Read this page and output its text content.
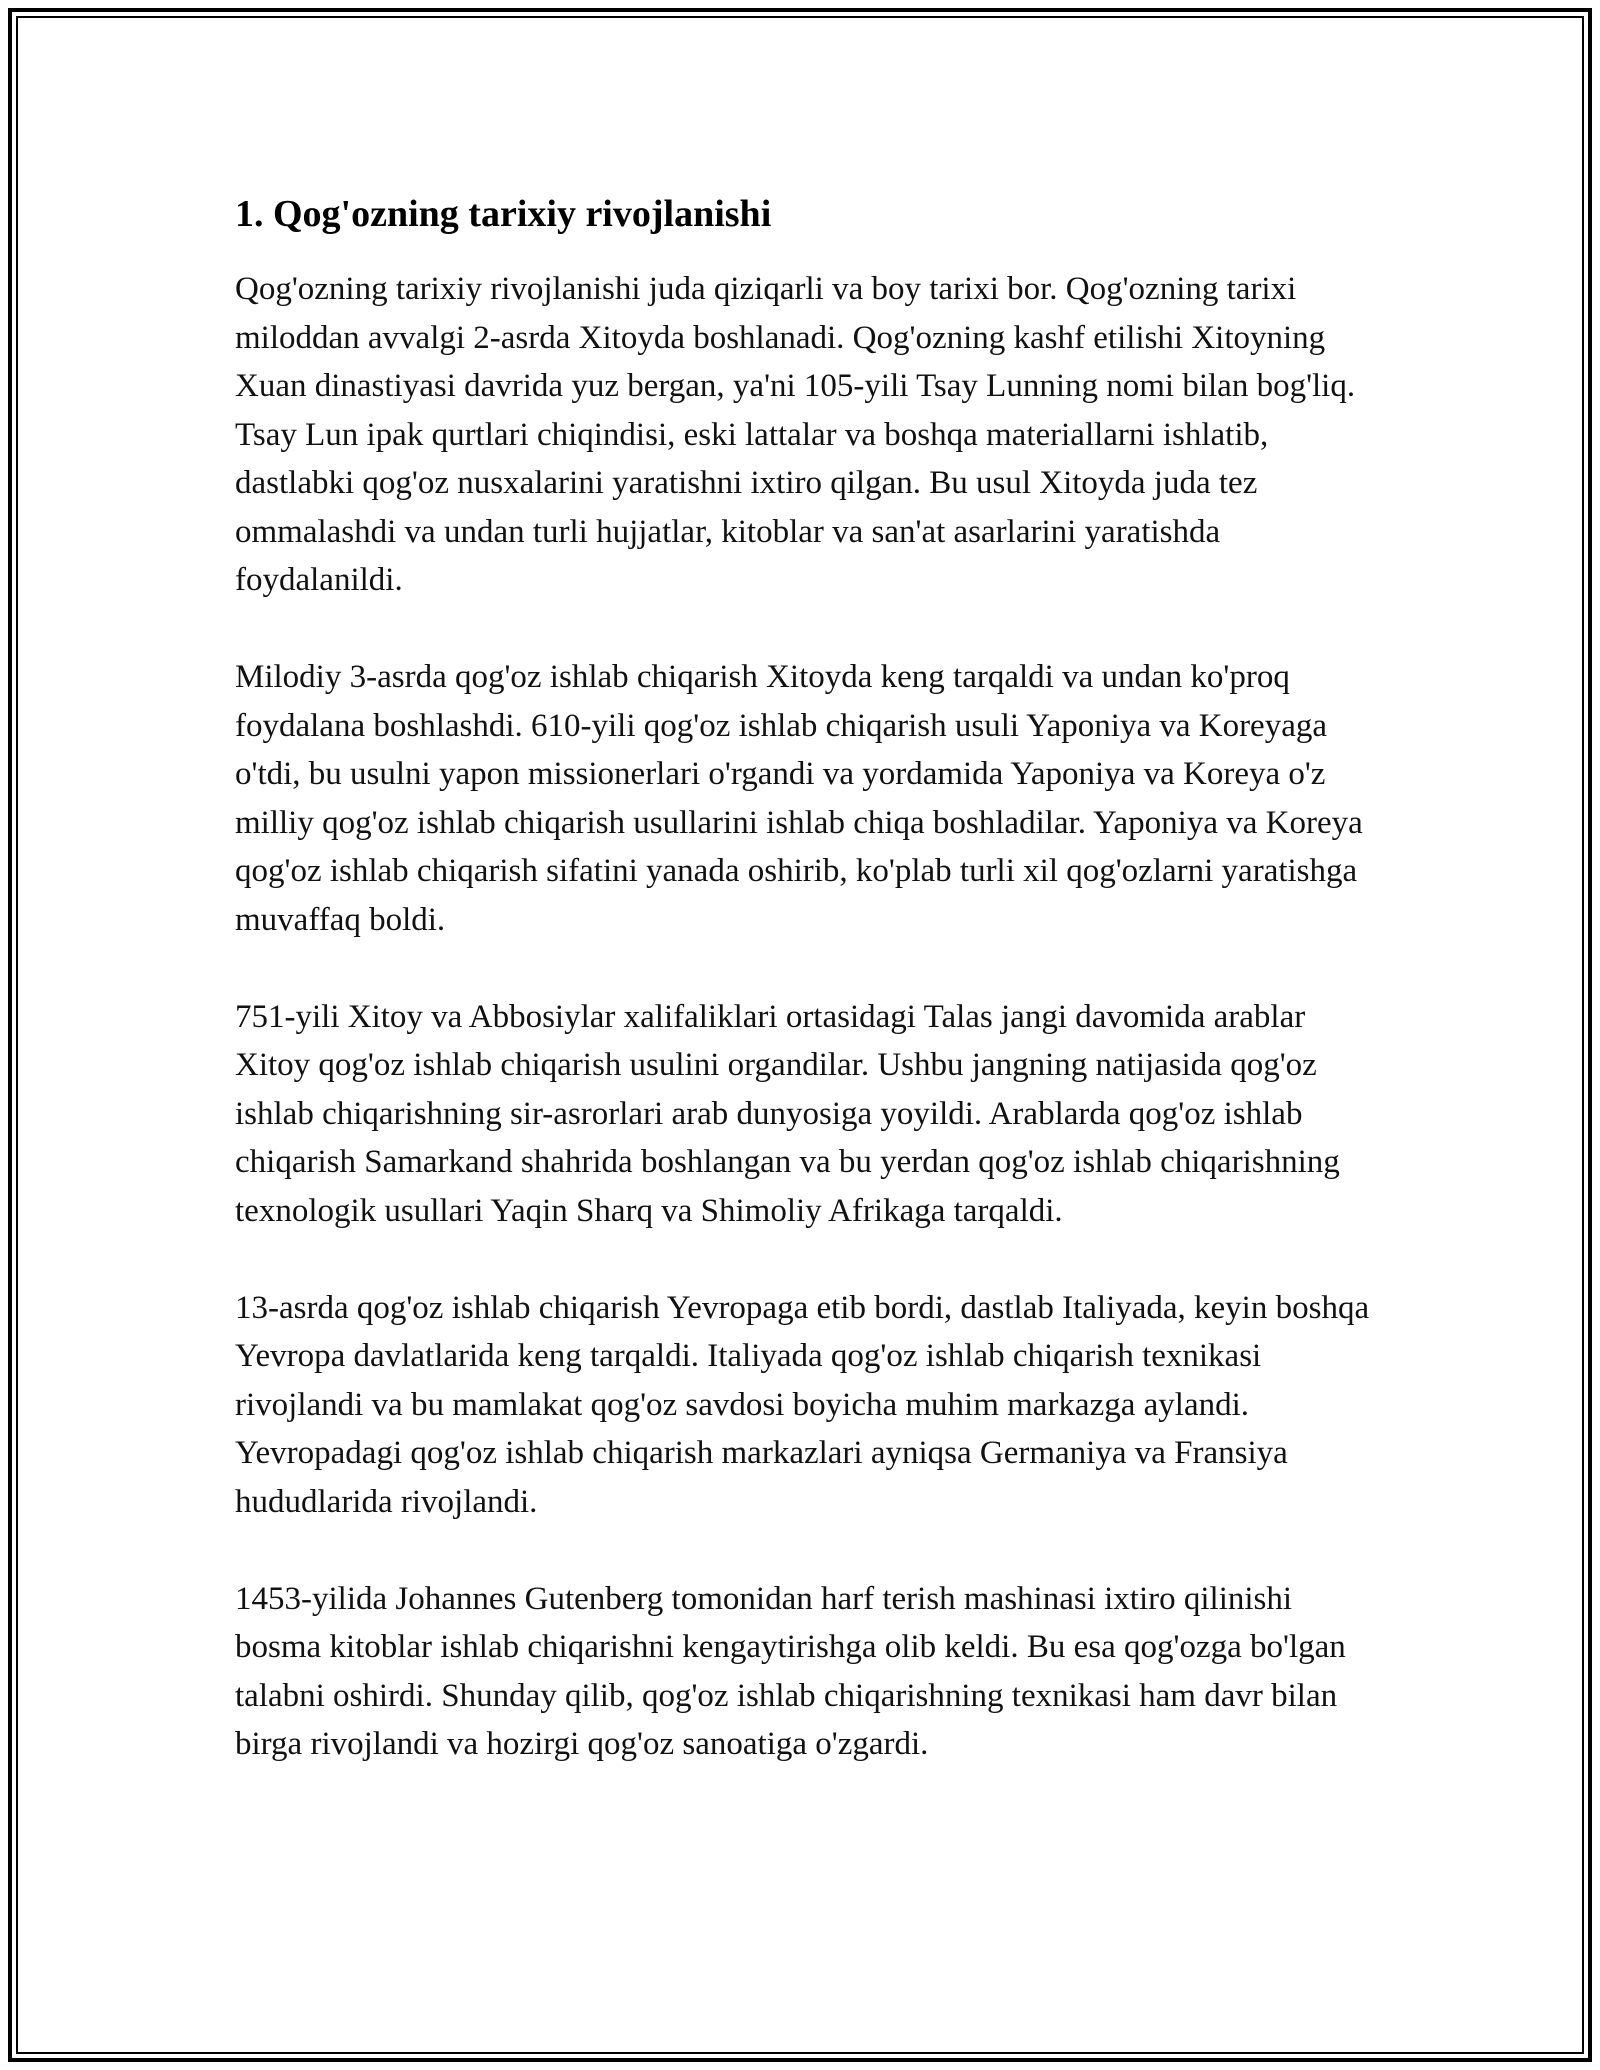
1. Qog'ozning tarixiy rivojlanishi

Qog'ozning tarixiy rivojlanishi juda qiziqarli va boy tarixi bor. Qog'ozning tarixi miloddan avvalgi 2-asrda Xitoyda boshlanadi. Qog'ozning kashf etilishi Xitoyning Xuan dinastiyasi davrida yuz bergan, ya'ni 105-yili Tsay Lunning nomi bilan bog'liq. Tsay Lun ipak qurtlari chiqindisi, eski lattalar va boshqa materiallarni ishlatib, dastlabki qog'oz nusxalarini yaratishni ixtiro qilgan. Bu usul Xitoyda juda tez ommalashdi va undan turli hujjatlar, kitoblar va san'at asarlarini yaratishda foydalanildi.

Milodiy 3-asrda qog'oz ishlab chiqarish Xitoyda keng tarqaldi va undan ko'proq foydalana boshlashdi. 610-yili qog'oz ishlab chiqarish usuli Yaponiya va Koreyaga o'tdi, bu usulni yapon missionerlari o'rgandi va yordamida Yaponiya va Koreya o'z milliy qog'oz ishlab chiqarish usullarini ishlab chiqa boshladilar. Yaponiya va Koreya qog'oz ishlab chiqarish sifatini yanada oshirib, ko'plab turli xil qog'ozlarni yaratishga muvaffaq boldi.

751-yili Xitoy va Abbosiylar xalifaliklari ortasidagi Talas jangi davomida arablar Xitoy qog'oz ishlab chiqarish usulini organdilar. Ushbu jangning natijasida qog'oz ishlab chiqarishning sir-asrorlari arab dunyosiga yoyildi. Arablarda qog'oz ishlab chiqarish Samarkand shahrida boshlangan va bu yerdan qog'oz ishlab chiqarishning texnologik usullari Yaqin Sharq va Shimoliy Afrikaga tarqaldi.

13-asrda qog'oz ishlab chiqarish Yevropaga etib bordi, dastlab Italiyada, keyin boshqa Yevropa davlatlarida keng tarqaldi. Italiyada qog'oz ishlab chiqarish texnikasi rivojlandi va bu mamlakat qog'oz savdosi boyicha muhim markazga aylandi. Yevropadagi qog'oz ishlab chiqarish markazlari ayniqsa Germaniya va Fransiya hududlarida rivojlandi.

1453-yilida Johannes Gutenberg tomonidan harf terish mashinasi ixtiro qilinishi bosma kitoblar ishlab chiqarishni kengaytirishga olib keldi. Bu esa qog'ozga bo'lgan talabni oshirdi. Shunday qilib, qog'oz ishlab chiqarishning texnikasi ham davr bilan birga rivojlandi va hozirgi qog'oz sanoatiga o'zgardi.
